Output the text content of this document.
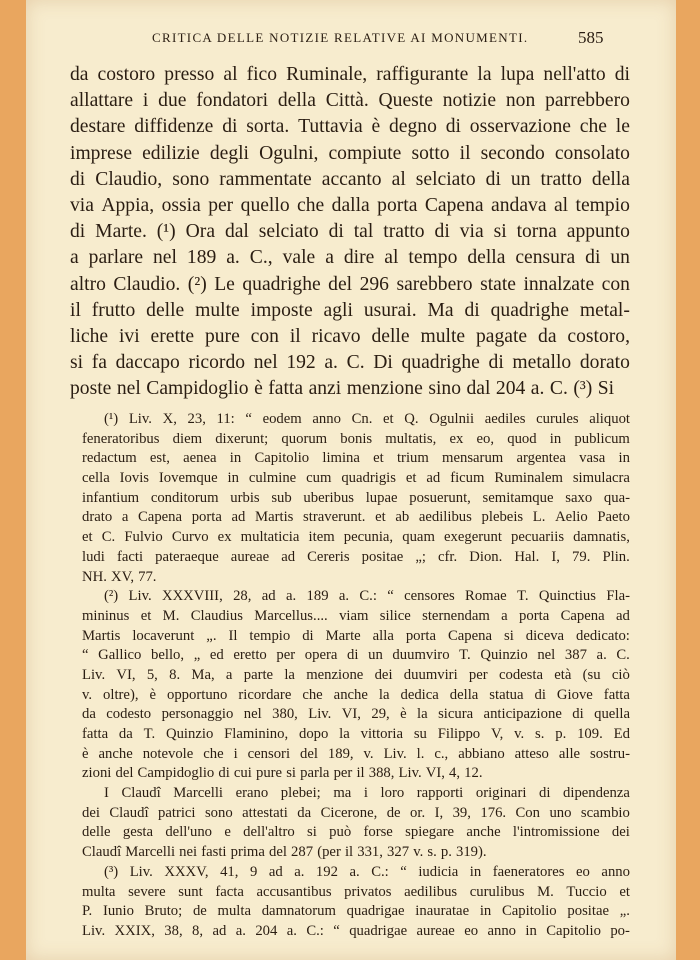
CRITICA DELLE NOTIZIE RELATIVE AI MONUMENTI.	585
da costoro presso al fico Ruminale, raffigurante la lupa nell'atto di
allattare i due fondatori della Città. Queste notizie non parrebbero
destare diffidenze di sorta. Tuttavia è degno di osservazione che le
imprese edilizie degli Ogulni, compiute sotto il secondo consolato
di Claudio, sono rammentate accanto al selciato di un tratto della
via Appia, ossia per quello che dalla porta Capena andava al tempio
di Marte. (¹) Ora dal selciato di tal tratto di via si torna appunto
a parlare nel 189 a. C., vale a dire al tempo della censura di un
altro Claudio. (²) Le quadrighe del 296 sarebbero state innalzate con
il frutto delle multe imposte agli usurai. Ma di quadrighe metal-
liche ivi erette pure con il ricavo delle multe pagate da costoro,
si fa daccapo ricordo nel 192 a. C. Di quadrighe di metallo dorato
poste nel Campidoglio è fatta anzi menzione sino dal 204 a. C. (³) Si
(¹) Liv. X, 23, 11: “ eodem anno Cn. et Q. Ogulnii aediles curules aliquot
feneratoribus diem dixerunt; quorum bonis multatis, ex eo, quod in publicum
redactum est, aenea in Capitolio limina et trium mensarum argentea vasa in
cella Iovis Iovemque in culmine cum quadrigis et ad ficum Ruminalem simulacra
infantium conditorum urbis sub uberibus lupae posuerunt, semitamque saxo qua-
drato a Capena porta ad Martis straverunt. et ab aedilibus plebeis L. Aelio Paeto
et C. Fulvio Curvo ex multaticia item pecunia, quam exegerunt pecuariis damnatis,
ludi facti pateraeque aureae ad Cereris positae „; cfr. Dion. Hal. I, 79. Plin.
NH. XV, 77.
(²) Liv. XXXVIII, 28, ad a. 189 a. C.: “ censores Romae T. Quinctius Fla-
mininus et M. Claudius Marcellus.... viam silice sternendam a porta Capena ad
Martis locaverunt „. Il tempio di Marte alla porta Capena si diceva dedicato:
“ Gallico bello, „ ed eretto per opera di un duumviro T. Quinzio nel 387 a. C.
Liv. VI, 5, 8. Ma, a parte la menzione dei duumviri per codesta età (su ciò
v. oltre), è opportuno ricordare che anche la dedica della statua di Giove fatta
da codesto personaggio nel 380, Liv. VI, 29, è la sicura anticipazione di quella
fatta da T. Quinzio Flaminino, dopo la vittoria su Filippo V, v. s. p. 109. Ed
è anche notevole che i censori del 189, v. Liv. l. c., abbiano atteso alle sostru-
zioni del Campidoglio di cui pure si parla per il 388, Liv. VI, 4, 12.
I Claudî Marcelli erano plebei; ma i loro rapporti originari di dipendenza
dei Claudî patrici sono attestati da Cicerone, de or. I, 39, 176. Con uno scambio
delle gesta dell'uno e dell'altro si può forse spiegare anche l'intromissione dei
Claudî Marcelli nei fasti prima del 287 (per il 331, 327 v. s. p. 319).
(³) Liv. XXXV, 41, 9 ad a. 192 a. C.: “ iudicia in faeneratores eo anno
multa severe sunt facta accusantibus privatos aedilibus curulibus M. Tuccio et
P. Iunio Bruto; de multa damnatorum quadrigae inauratae in Capitolio positae „.
Liv. XXIX, 38, 8, ad a. 204 a. C.: “ quadrigae aureae eo anno in Capitolio po-
